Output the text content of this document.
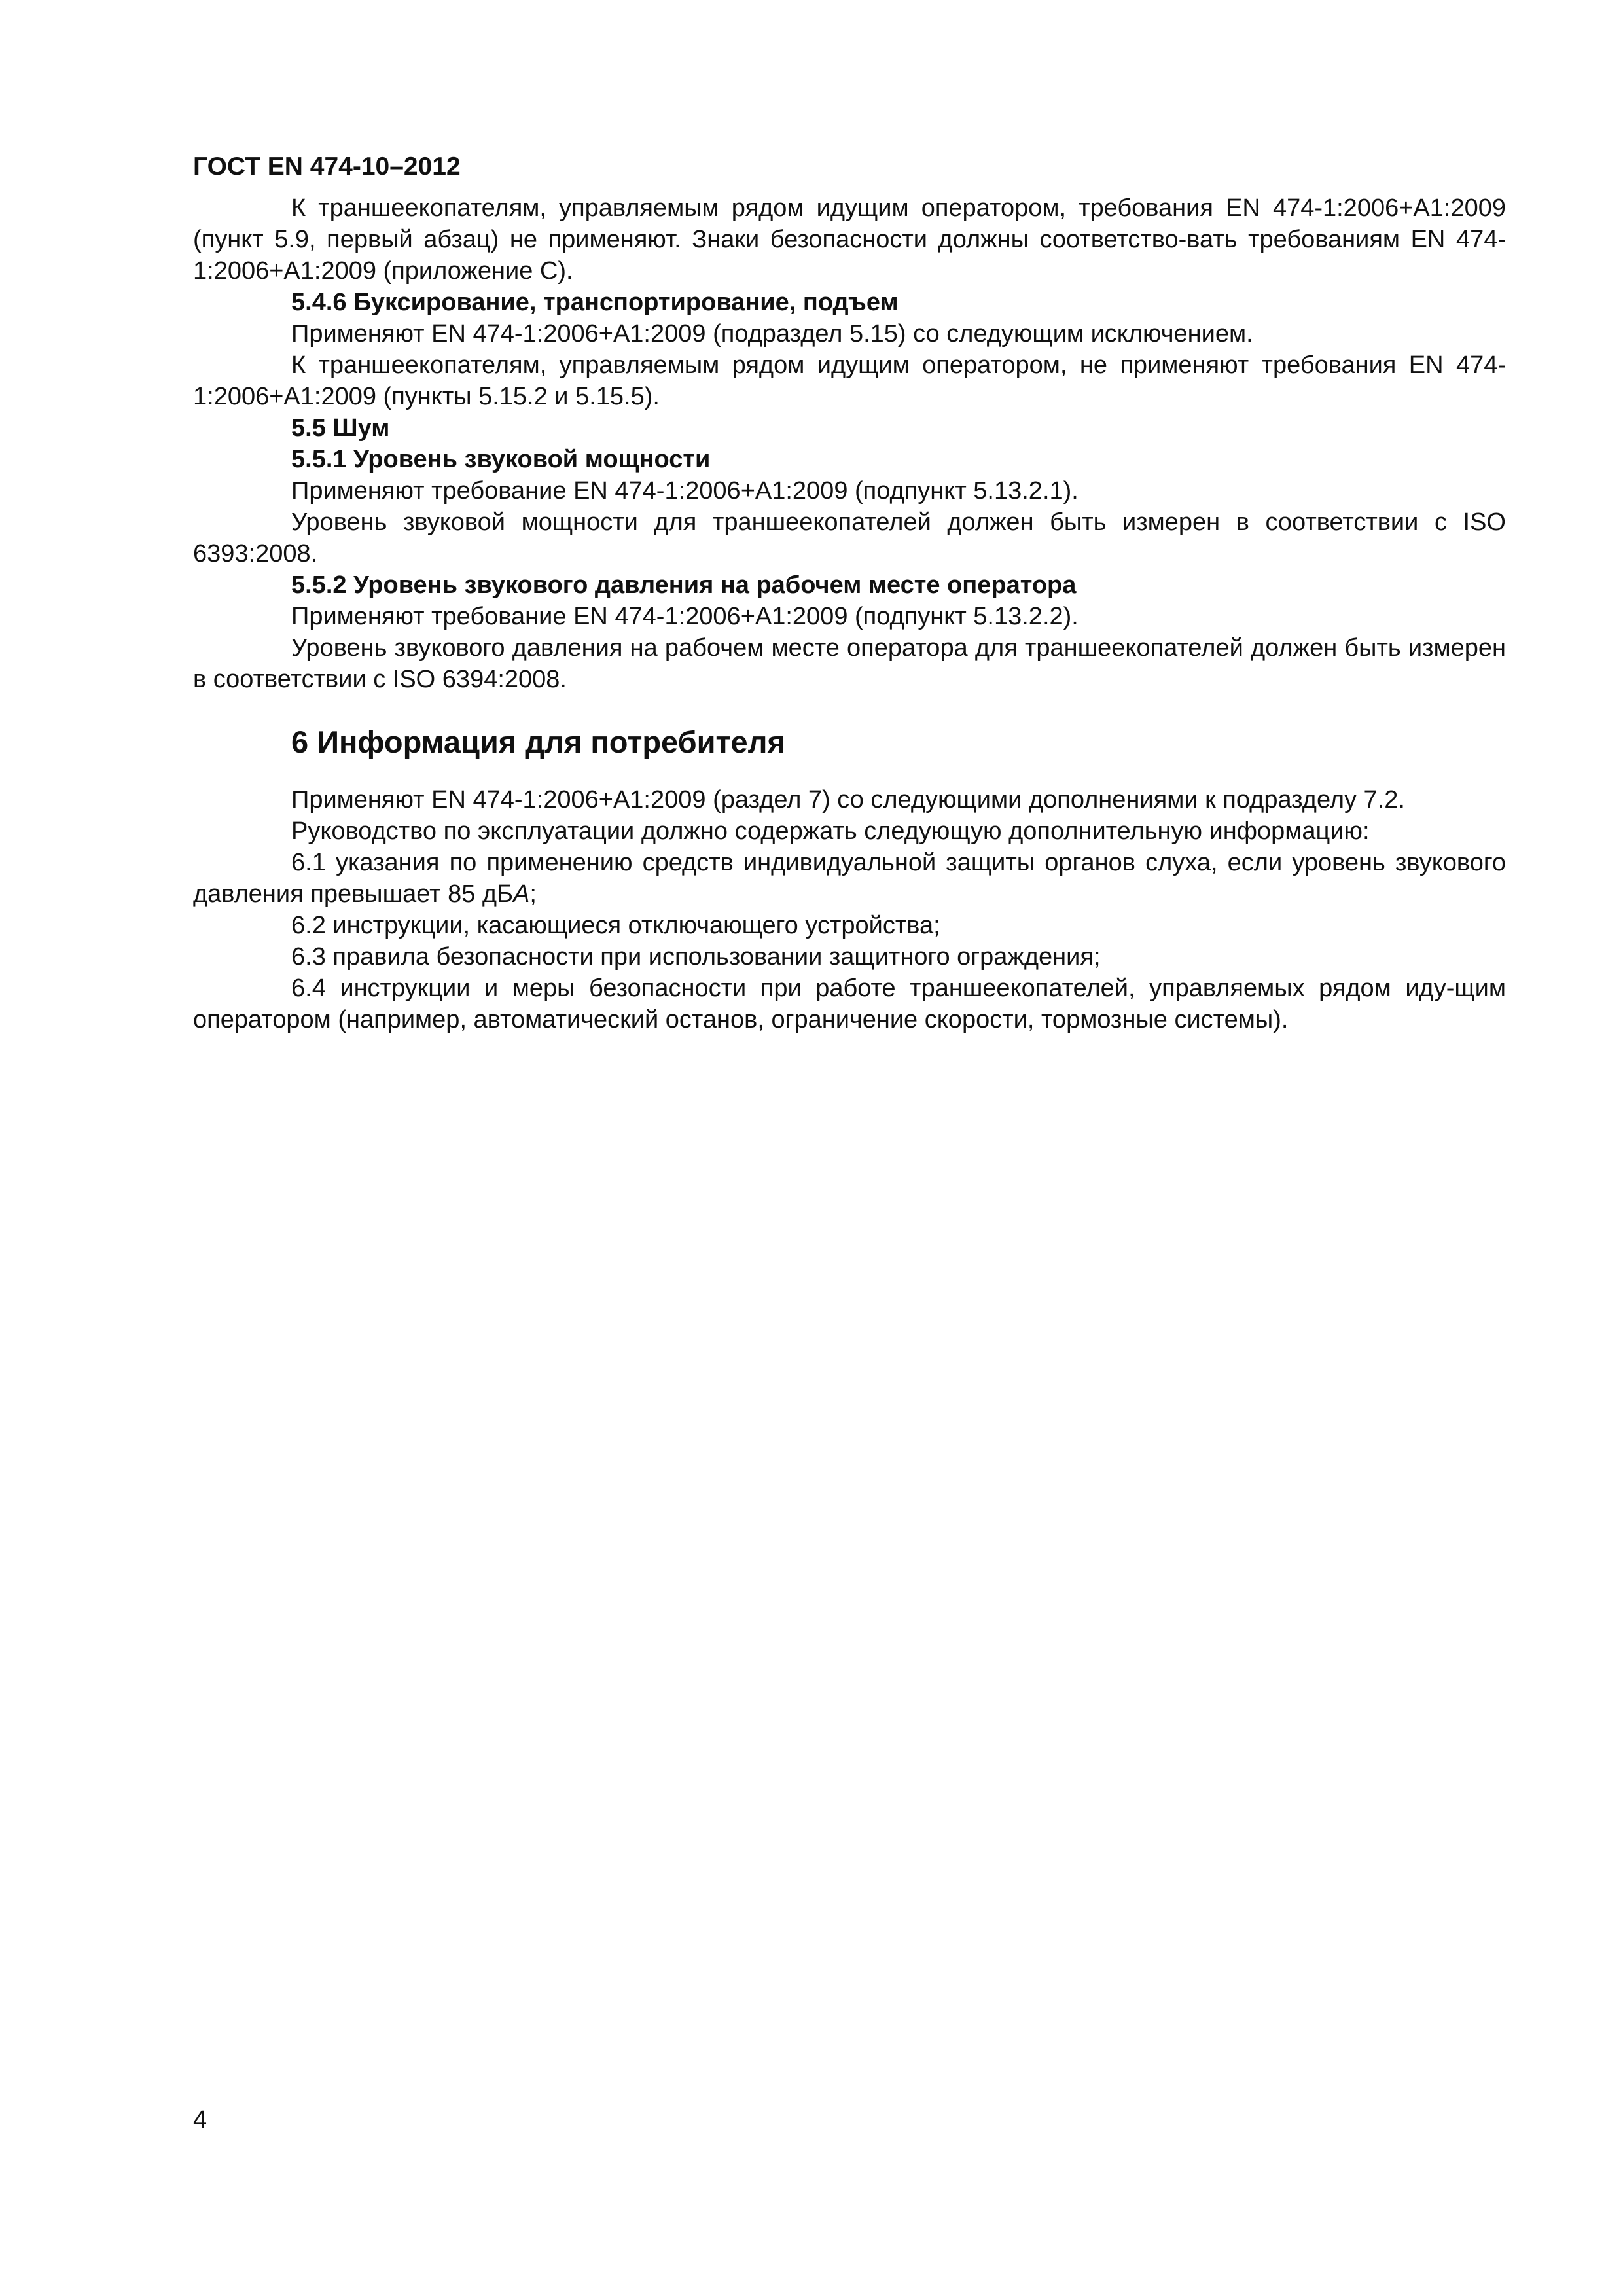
ГОСТ EN 474-10–2012

К траншеекопателям, управляемым рядом идущим оператором, требования EN 474-1:2006+A1:2009 (пункт 5.9, первый абзац) не применяют. Знаки безопасности должны соответство-вать требованиям EN 474-1:2006+A1:2009 (приложение С).

5.4.6 Буксирование, транспортирование, подъем

Применяют EN 474-1:2006+A1:2009 (подраздел 5.15) со следующим исключением.

К траншеекопателям, управляемым рядом идущим оператором, не применяют требования EN 474-1:2006+A1:2009 (пункты 5.15.2 и 5.15.5).

5.5 Шум

5.5.1 Уровень звуковой мощности

Применяют требование EN 474-1:2006+A1:2009 (подпункт 5.13.2.1).

Уровень звуковой мощности для траншеекопателей должен быть измерен в соответствии с ISO 6393:2008.

5.5.2 Уровень звукового давления на рабочем месте оператора

Применяют требование EN 474-1:2006+A1:2009 (подпункт 5.13.2.2).

Уровень звукового давления на рабочем месте оператора для траншеекопателей должен быть измерен в соответствии с ISO 6394:2008.

6 Информация для потребителя

Применяют EN 474-1:2006+A1:2009 (раздел 7) со следующими дополнениями к подразделу 7.2.

Руководство по эксплуатации должно содержать следующую дополнительную информацию:

6.1 указания по применению средств индивидуальной защиты органов слуха, если уровень звукового давления превышает 85 дБA;

6.2 инструкции, касающиеся отключающего устройства;

6.3 правила безопасности при использовании защитного ограждения;

6.4 инструкции и меры безопасности при работе траншеекопателей, управляемых рядом иду-щим оператором (например, автоматический останов, ограничение скорости, тормозные системы).

4
